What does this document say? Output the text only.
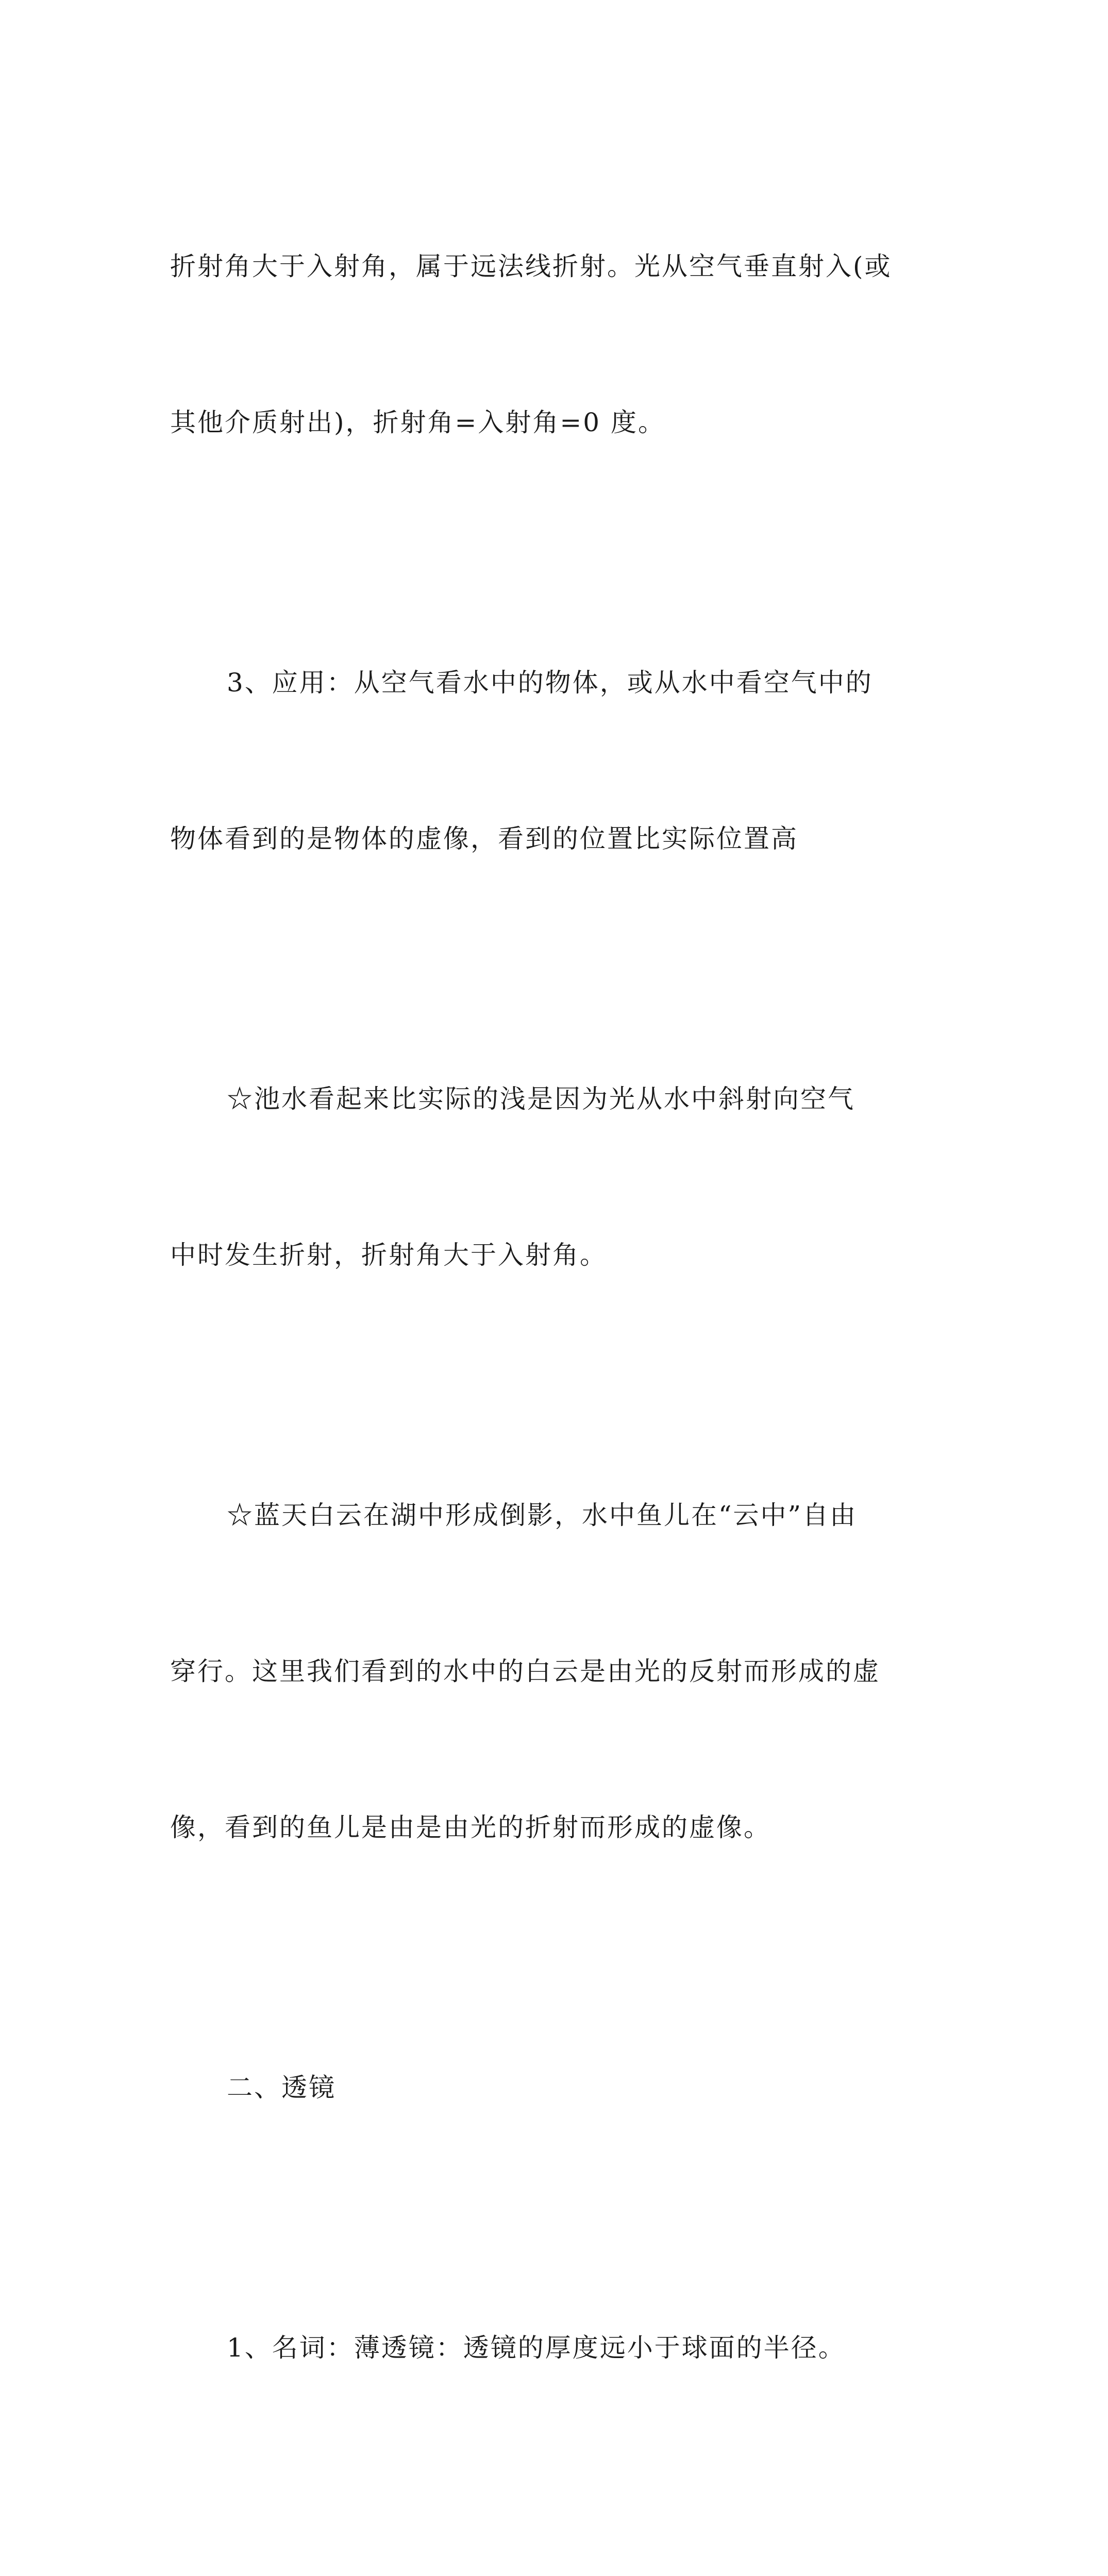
折射角大于入射角，属于远法线折射。光从空气垂直射入(或

其他介质射出)，折射角=入射角=0 度。

3、应用：从空气看水中的物体，或从水中看空气中的

物体看到的是物体的虚像，看到的位置比实际位置高

☆池水看起来比实际的浅是因为光从水中斜射向空气

中时发生折射，折射角大于入射角。

☆蓝天白云在湖中形成倒影，水中鱼儿在“云中”自由

穿行。这里我们看到的水中的白云是由光的反射而形成的虚

像，看到的鱼儿是由是由光的折射而形成的虚像。

二、透镜

1、名词：薄透镜：透镜的厚度远小于球面的半径。
